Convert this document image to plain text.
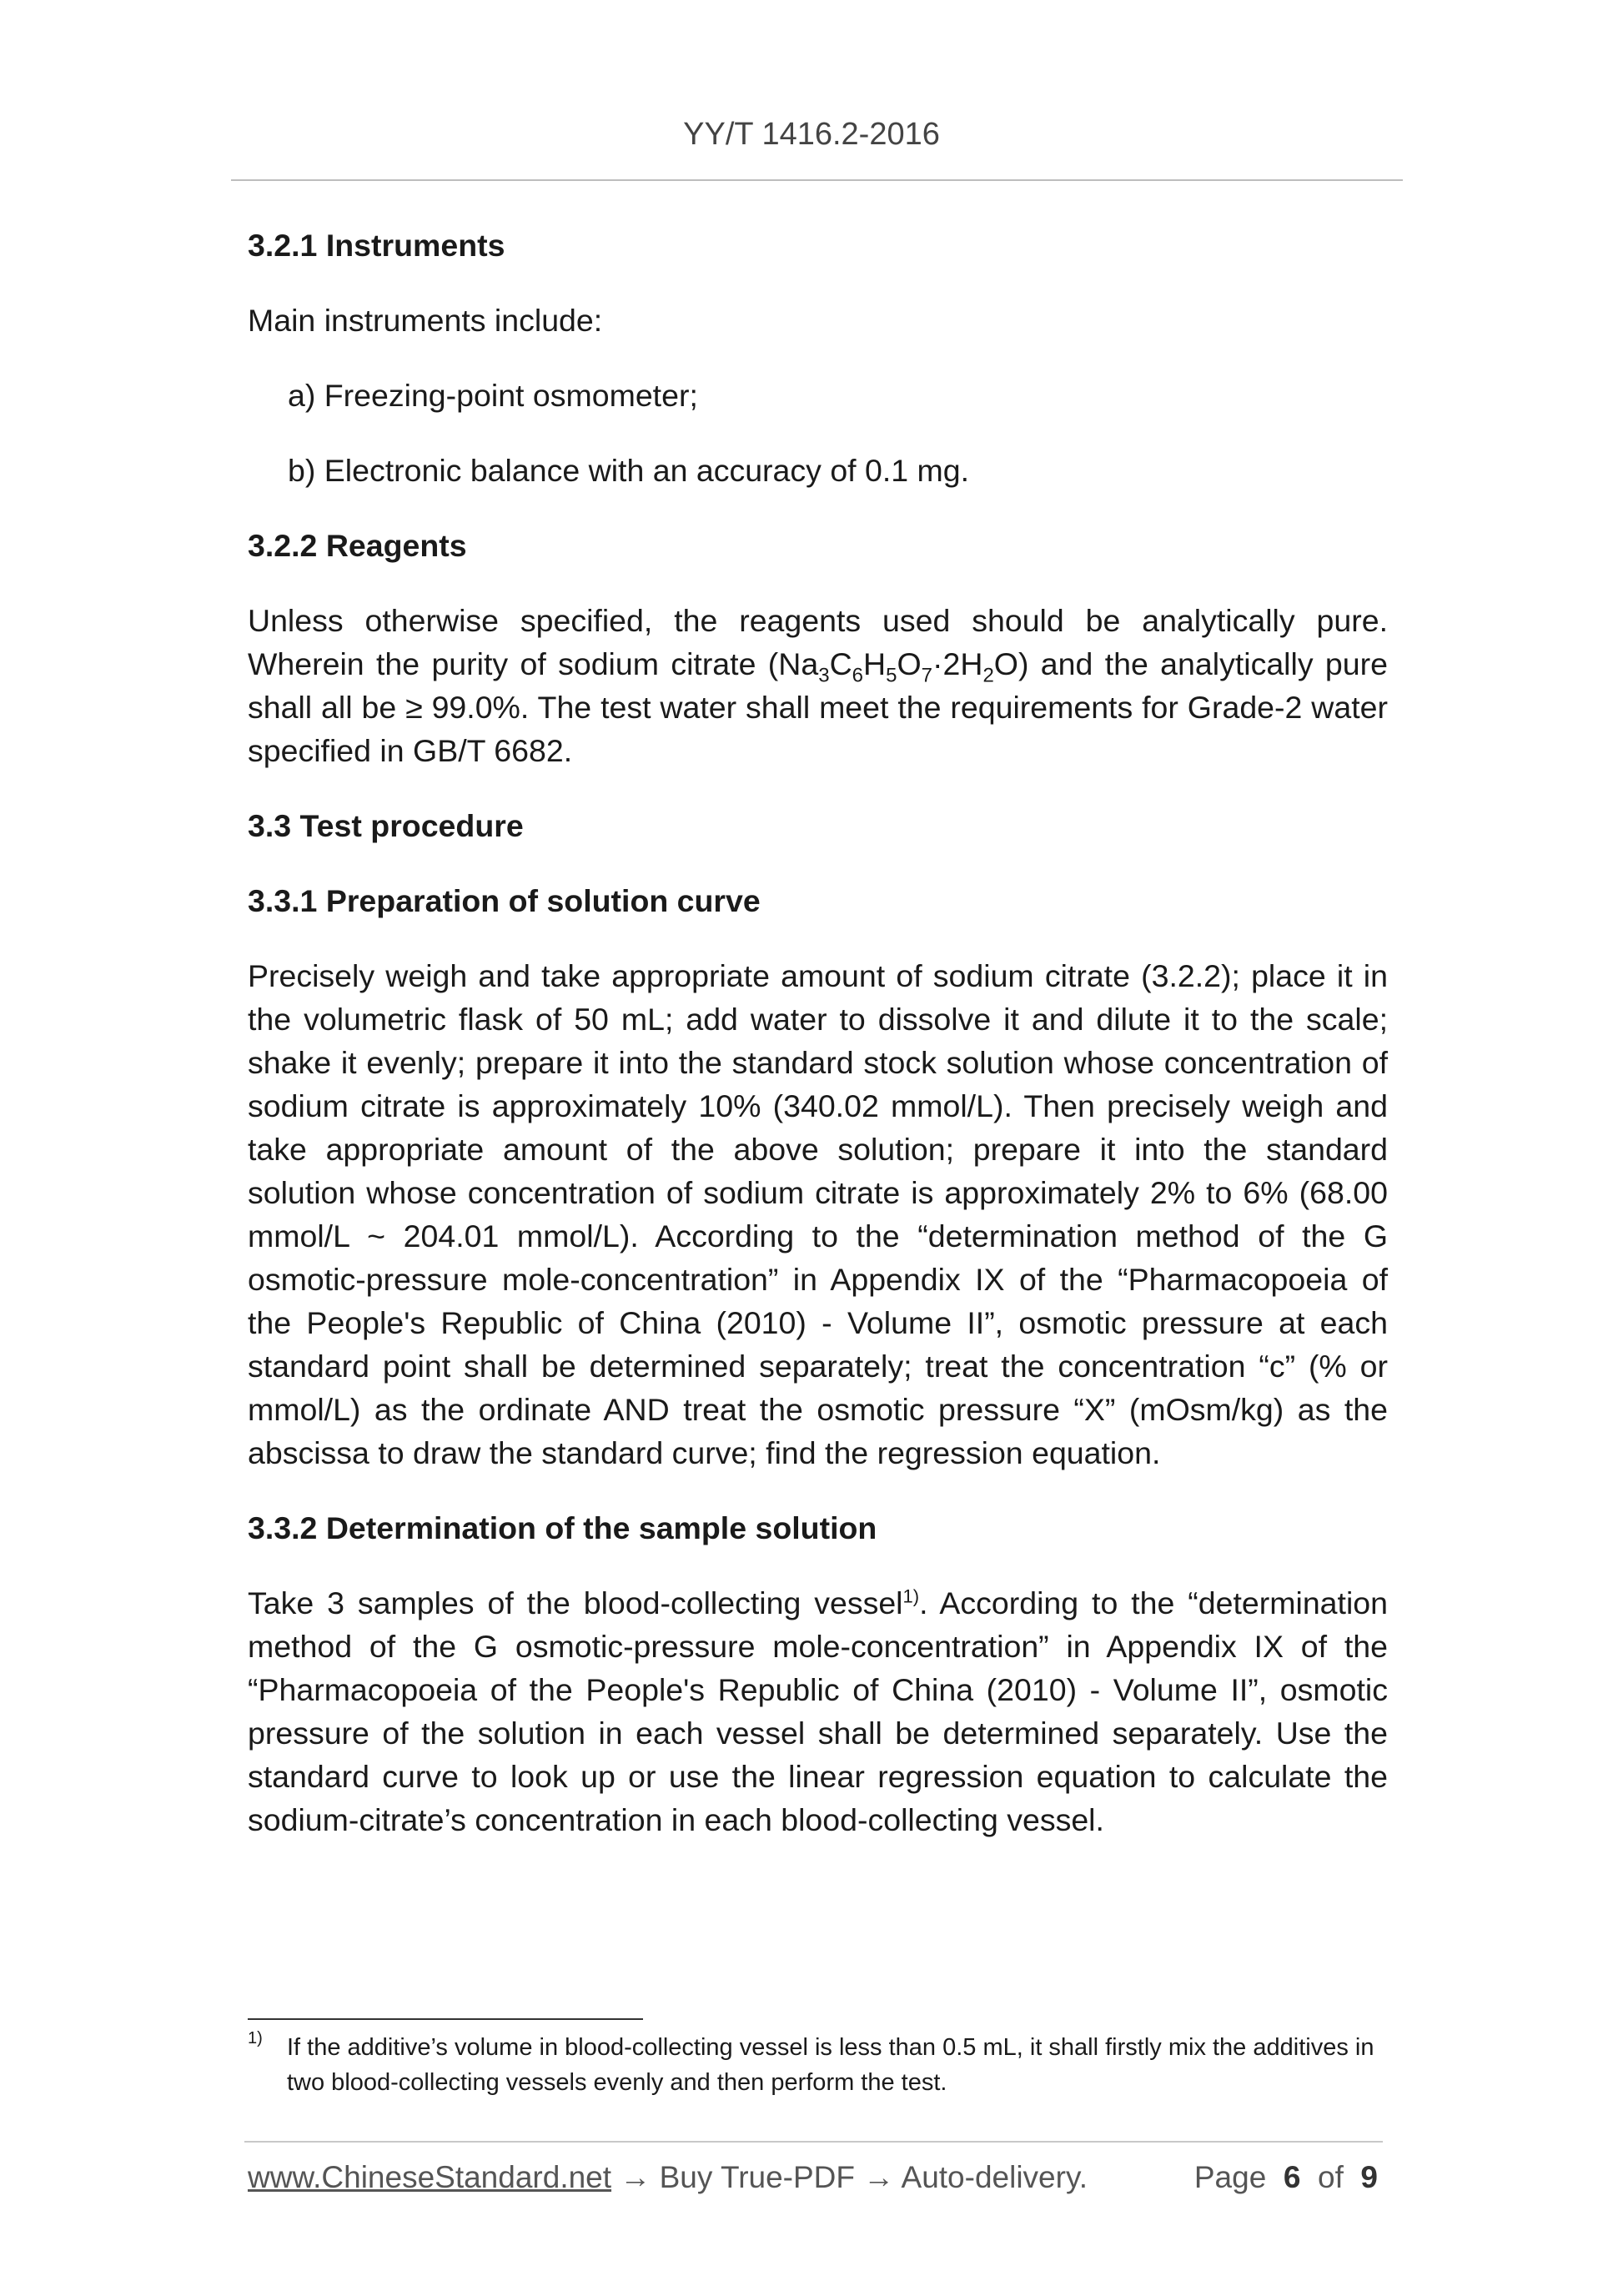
YY/T 1416.2-2016
3.2.1 Instruments

Main instruments include:

a) Freezing-point osmometer;
b) Electronic balance with an accuracy of 0.1 mg.
3.2.2 Reagents

Unless otherwise specified, the reagents used should be analytically pure. Wherein the purity of sodium citrate $(Na_3C_6H_5O_7\cdot 2H_2O)$ and the analytically pure shall all be ≥ 99.0%. The test water shall meet the requirements for Grade-2 water specified in GB/T 6682.

3.3 Test procedure
3.3.1 Preparation of solution curve

Precisely weigh and take appropriate amount of sodium citrate (3.2.2); place it in the volumetric flask of 50 mL; add water to dissolve it and dilute it to the scale; shake it evenly; prepare it into the standard stock solution whose concentration of sodium citrate is approximately 10% (340.02 mmol/L). Then precisely weigh and take appropriate amount of the above solution; prepare it into the standard solution whose concentration of sodium citrate is approximately 2% to 6% (68.00 mmol/L ~ 204.01 mmol/L). According to the “determination method of the G osmotic-pressure mole-concentration” in Appendix IX of the “Pharmacopoeia of the People's Republic of China (2010) - Volume II”, osmotic pressure at each standard point shall be determined separately; treat the concentration “c” (% or mmol/L) as the ordinate AND treat the osmotic pressure “X” (mOsm/kg) as the abscissa to draw the standard curve; find the regression equation.

3.3.2 Determination of the sample solution

Take 3 samples of the blood-collecting vessel$^{1)}$. According to the “determination method of the G osmotic-pressure mole-concentration” in Appendix IX of the “Pharmacopoeia of the People's Republic of China (2010) - Volume II”, osmotic pressure of the solution in each vessel shall be determined separately. Use the standard curve to look up or use the linear regression equation to calculate the sodium-citrate’s concentration in each blood-collecting vessel.

1) If the additive’s volume in blood-collecting vessel is less than 0.5 mL, it shall firstly mix the additives in two blood-collecting vessels evenly and then perform the test.
www.ChineseStandard.net → Buy True-PDF → Auto-delivery.	Page 6 of 9
